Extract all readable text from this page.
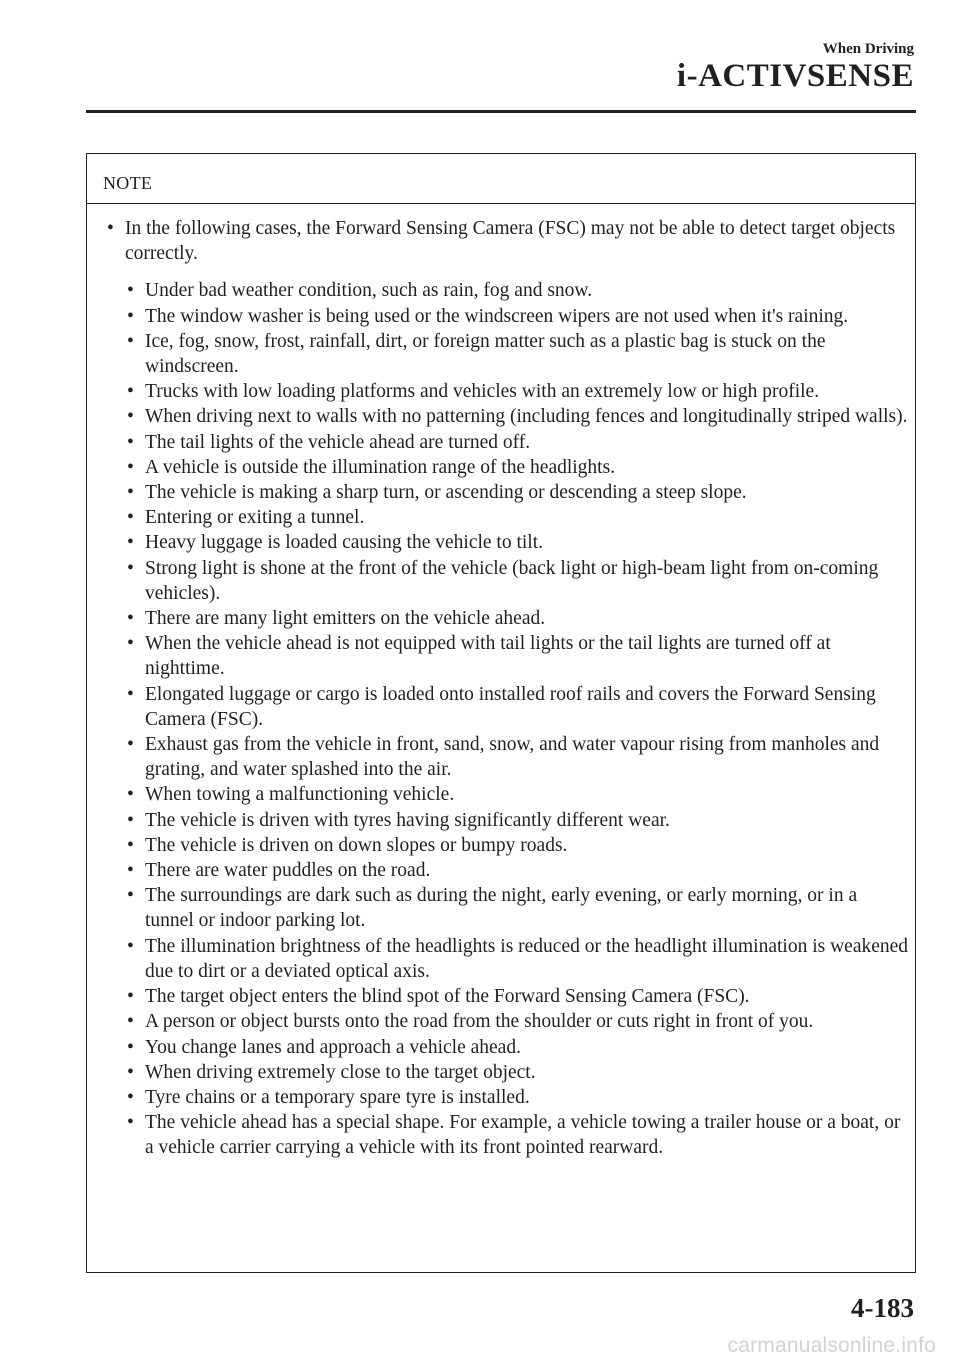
When Driving
i-ACTIVSENSE
NOTE
• In the following cases, the Forward Sensing Camera (FSC) may not be able to detect target objects correctly.
• Under bad weather condition, such as rain, fog and snow.
• The window washer is being used or the windscreen wipers are not used when it's raining.
• Ice, fog, snow, frost, rainfall, dirt, or foreign matter such as a plastic bag is stuck on the windscreen.
• Trucks with low loading platforms and vehicles with an extremely low or high profile.
• When driving next to walls with no patterning (including fences and longitudinally striped walls).
• The tail lights of the vehicle ahead are turned off.
• A vehicle is outside the illumination range of the headlights.
• The vehicle is making a sharp turn, or ascending or descending a steep slope.
• Entering or exiting a tunnel.
• Heavy luggage is loaded causing the vehicle to tilt.
• Strong light is shone at the front of the vehicle (back light or high-beam light from on-coming vehicles).
• There are many light emitters on the vehicle ahead.
• When the vehicle ahead is not equipped with tail lights or the tail lights are turned off at nighttime.
• Elongated luggage or cargo is loaded onto installed roof rails and covers the Forward Sensing Camera (FSC).
• Exhaust gas from the vehicle in front, sand, snow, and water vapour rising from manholes and grating, and water splashed into the air.
• When towing a malfunctioning vehicle.
• The vehicle is driven with tyres having significantly different wear.
• The vehicle is driven on down slopes or bumpy roads.
• There are water puddles on the road.
• The surroundings are dark such as during the night, early evening, or early morning, or in a tunnel or indoor parking lot.
• The illumination brightness of the headlights is reduced or the headlight illumination is weakened due to dirt or a deviated optical axis.
• The target object enters the blind spot of the Forward Sensing Camera (FSC).
• A person or object bursts onto the road from the shoulder or cuts right in front of you.
• You change lanes and approach a vehicle ahead.
• When driving extremely close to the target object.
• Tyre chains or a temporary spare tyre is installed.
• The vehicle ahead has a special shape. For example, a vehicle towing a trailer house or a boat, or a vehicle carrier carrying a vehicle with its front pointed rearward.
4-183
carmanualsonline.info
